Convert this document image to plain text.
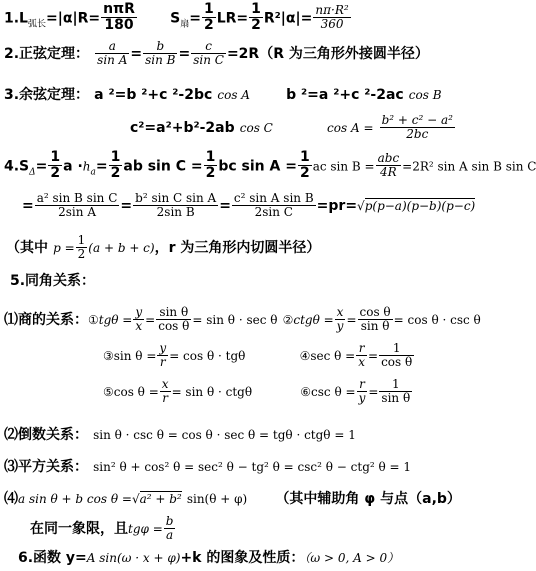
$1.L_{弧长}=|\alpha|R= \frac{\text{nπR}}{180} S_扇= \frac{1}{2} LR= \frac{1}{2} R^2|\alpha|= \frac{\text{nπ·R²}}{360}$
2.正弦定理： $\frac{a}{\text{sin A}} = \frac{b}{\text{sin B}} = \frac{c}{\text{sin C}} =2R(R$ 为三角形外接圆半径）
3.余弦定理： a ²=b ²+c ²-2bc cos A	b ²=a ²+c ²-2ac cos B
c²=a²+b²-2ab cos C	$\cos A = \frac{\text{b² + c² − a²}}{2bc}$
$4.S_\Delta= \frac{1}{2}$ $a \cdot h_a= \frac{1}{2}$ ab $\sin C = \frac{1}{2}$ bc $\sin A = \frac{1}{2}$ ac $\sin B = \frac{\text{abc}}{4R} =2R^2$ sin A sin B sin C
= $\frac{\text{a² sin B sin C}}{\text{2sin A}} = \frac{\text{b² sin C sin A}}{\text{2sin B}} = \frac{\text{c² sin A sin B}}{\text{2sin C}} =pr=√p(p-a)(p-b)(p-c)$
（其中 $p = \frac{1}{2} (a + b + c)$，r 为三角形内切圆半径）
5.同角关系：
⑴商的关系：①tgθ = $\frac{y}{x} = \frac{\text{sin θ}}{\text{cos θ}} = \sin \theta \cdot \sec \theta$ ②ctgθ = $\frac{x}{y} = \frac{\text{cos θ}}{\text{sin θ}} = \cos \theta \cdot \csc \theta$
③sin $\theta = \frac{y}{r} = \cos \theta \cdot tg\theta$	④sec $\theta = \frac{r}{x} = \frac{1}{\text{cos θ}}$
⑤cos $\theta = \frac{x}{r} = \sin \theta \cdot ctg\theta$	⑥csc $\theta = \frac{r}{y} = \frac{1}{\text{sin θ}}$
⑵倒数关系： sin θ · csc θ = cos θ · sec θ = tgθ · ctgθ = 1
⑶平方关系： sin² θ + cos² θ = sec² θ − tg² θ = csc² θ − ctg² θ = 1
⑷a sin θ + b cos θ =√a² + b² sin(θ + φ) （其中辅助角 φ 与点（a,b）
在同一象限，且$tg\varphi = \frac{b}{a}$
6.函数 y=A sin(ω · x + φ)+k 的图象及性质：（ω > 0, A > 0）
